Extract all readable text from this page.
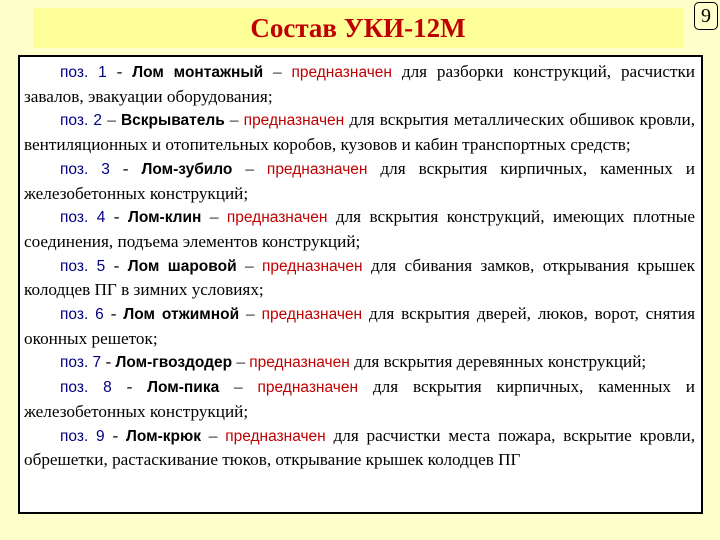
Состав УКИ-12М	9

поз. 1 - Лом монтажный – предназначен для разборки конструкций, расчистки завалов, эвакуации оборудования;

поз. 2 – Вскрыватель – предназначен для вскрытия металлических обшивок кровли, вентиляционных и отопительных коробов, кузовов и кабин транспортных средств;

поз. 3 - Лом-зубило – предназначен для вскрытия кирпичных, каменных и железобетонных конструкций;

поз. 4 - Лом-клин – предназначен для вскрытия конструкций, имеющих плотные соединения, подъема элементов конструкций;

поз. 5 - Лом шаровой – предназначен для сбивания замков, открывания крышек колодцев ПГ в зимних условиях;

поз. 6 - Лом отжимной – предназначен для вскрытия дверей, люков, ворот, снятия оконных решеток;

поз. 7 - Лом-гвоздодер – предназначен для вскрытия деревянных конструкций;

поз. 8 - Лом-пика – предназначен для вскрытия кирпичных, каменных и железобетонных конструкций;

поз. 9 - Лом-крюк – предназначен для расчистки места пожара, вскрытие кровли, обрешетки, растаскивание тюков, открывание крышек колодцев ПГ
